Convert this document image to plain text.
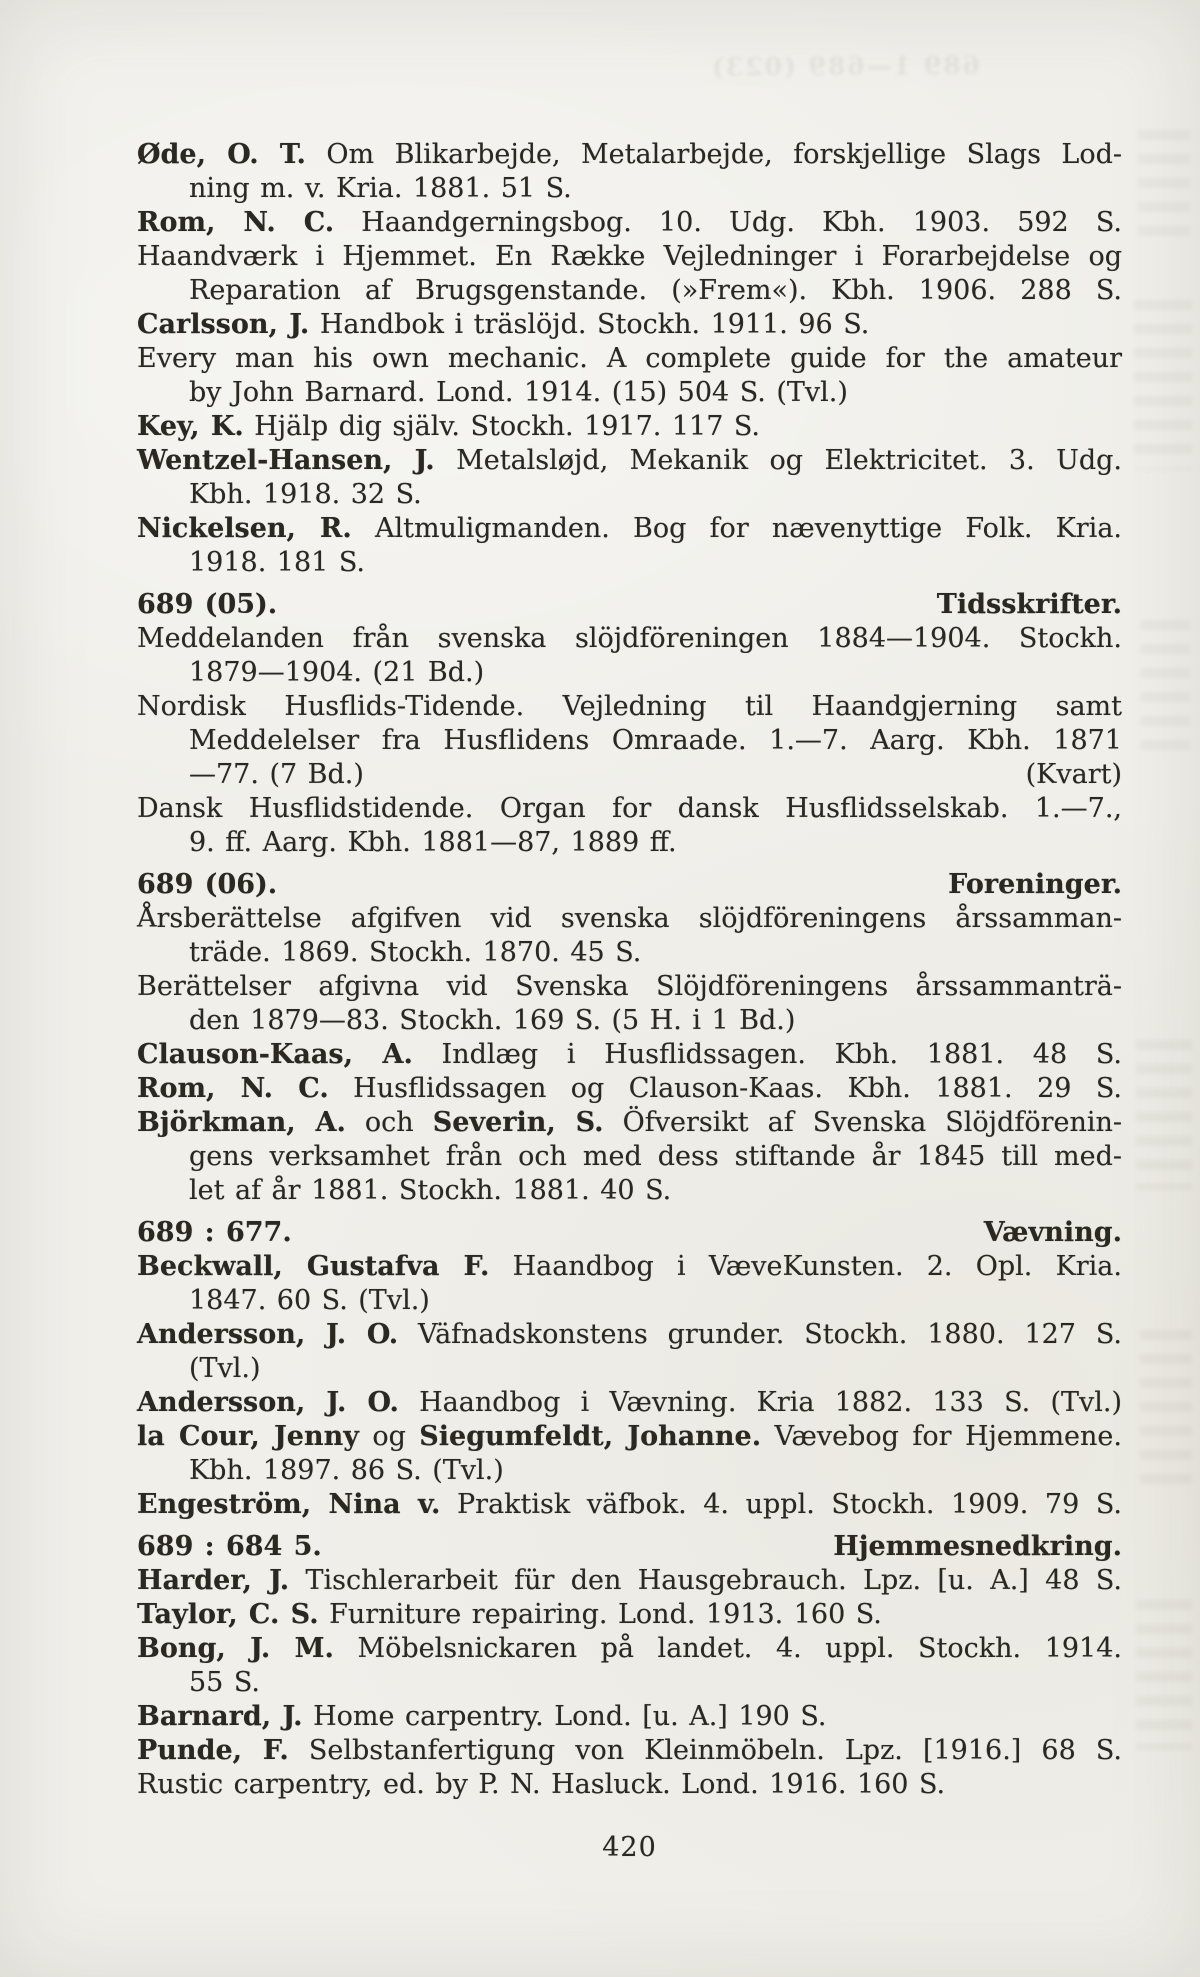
689 1—689 (023)
Øde, O. T. Om Blikarbejde, Metalarbejde, forskjellige Slags Lod-
ning m. v. Kria. 1881. 51 S.
Rom, N. C. Haandgerningsbog. 10. Udg. Kbh. 1903. 592 S.
Haandværk i Hjemmet. En Række Vejledninger i Forarbejdelse og
Reparation af Brugsgenstande. (»Frem«). Kbh. 1906. 288 S.
Carlsson, J. Handbok i träslöjd. Stockh. 1911. 96 S.
Every man his own mechanic. A complete guide for the amateur
by John Barnard. Lond. 1914. (15) 504 S. (Tvl.)
Key, K. Hjälp dig själv. Stockh. 1917. 117 S.
Wentzel-Hansen, J. Metalsløjd, Mekanik og Elektricitet. 3. Udg.
Kbh. 1918. 32 S.
Nickelsen, R. Altmuligmanden. Bog for nævenyttige Folk. Kria.
1918. 181 S.
689 (05).	Tidsskrifter.
Meddelanden från svenska slöjdföreningen 1884—1904. Stockh.
1879—1904. (21 Bd.)
Nordisk Husflids-Tidende. Vejledning til Haandgjerning samt
Meddelelser fra Husflidens Omraade. 1.—7. Aarg. Kbh. 1871
—77. (7 Bd.)	(Kvart)
Dansk Husflidstidende. Organ for dansk Husflidsselskab. 1.—7.,
9. ff. Aarg. Kbh. 1881—87, 1889 ff.
689 (06).	Foreninger.
Årsberättelse afgifven vid svenska slöjdföreningens årssamman-
träde. 1869. Stockh. 1870. 45 S.
Berättelser afgivna vid Svenska Slöjdföreningens årssammanträ-
den 1879—83. Stockh. 169 S. (5 H. i 1 Bd.)
Clauson-Kaas, A. Indlæg i Husflidssagen. Kbh. 1881. 48 S.
Rom, N. C. Husflidssagen og Clauson-Kaas. Kbh. 1881. 29 S.
Björkman, A. och Severin, S. Öfversikt af Svenska Slöjdförenin-
gens verksamhet från och med dess stiftande år 1845 till med-
let af år 1881. Stockh. 1881. 40 S.
689 : 677.	Vævning.
Beckwall, Gustafva F. Haandbog i VæveKunsten. 2. Opl. Kria.
1847. 60 S. (Tvl.)
Andersson, J. O. Väfnadskonstens grunder. Stockh. 1880. 127 S.
(Tvl.)
Andersson, J. O. Haandbog i Vævning. Kria 1882. 133 S. (Tvl.)
la Cour, Jenny og Siegumfeldt, Johanne. Vævebog for Hjemmene.
Kbh. 1897. 86 S. (Tvl.)
Engeström, Nina v. Praktisk väfbok. 4. uppl. Stockh. 1909. 79 S.
689 : 684 5.	Hjemmesnedkring.
Harder, J. Tischlerarbeit für den Hausgebrauch. Lpz. [u. A.] 48 S.
Taylor, C. S. Furniture repairing. Lond. 1913. 160 S.
Bong, J. M. Möbelsnickaren på landet. 4. uppl. Stockh. 1914.
55 S.
Barnard, J. Home carpentry. Lond. [u. A.] 190 S.
Punde, F. Selbstanfertigung von Kleinmöbeln. Lpz. [1916.] 68 S.
Rustic carpentry, ed. by P. N. Hasluck. Lond. 1916. 160 S.
420
